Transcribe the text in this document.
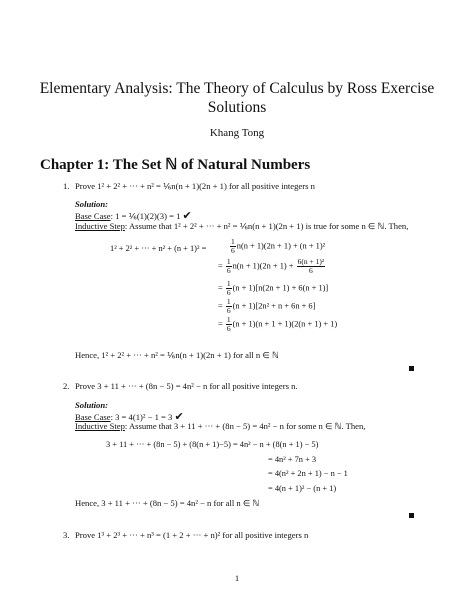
Elementary Analysis: The Theory of Calculus by Ross Exercise
Solutions
Khang Tong
Chapter 1: The Set ℕ of Natural Numbers
1. Prove 1² + 2² + ··· + n² = ⅙n(n + 1)(2n + 1) for all positive integers n
Solution:
Base Case: 1 = ⅙(1)(2)(3) = 1 ✔
Inductive Step: Assume that 1² + 2² + ··· + n² = ⅙n(n + 1)(2n + 1) is true for some n ∈ ℕ. Then,
1² + 2² + ··· + n² + (n + 1)² =	$\frac{1}{6} n(n + 1)(2n + 1) + (n + 1)^2$
= $\frac{1}{6} n(n + 1)(2n + 1) + \frac{\text{6(n + 1)²}}{6}$
= $\frac{1}{6} (n + 1)[n(2n + 1) + 6(n + 1)]$
= $\frac{1}{6} (n + 1)[2n^2 + n + 6n + 6]$
= $\frac{1}{6} (n + 1)(n + 1 + 1)(2(n + 1) + 1)$
Hence, 1² + 2² + ··· + n² = ⅙n(n + 1)(2n + 1) for all n ∈ ℕ
2. Prove 3 + 11 + ··· + (8n − 5) = 4n² − n for all positive integers n.
Solution:
Base Case: 3 = 4(1)² − 1 = 3 ✔
Inductive Step: Assume that 3 + 11 + ··· + (8n − 5) = 4n² − n for some n ∈ ℕ. Then,
3 + 11 + ··· + (8n − 5) + (8(n + 1)−5) = 4n² − n + (8(n + 1) − 5)
= 4n² + 7n + 3
= 4(n² + 2n + 1) − n − 1
= 4(n + 1)² − (n + 1)
Hence, 3 + 11 + ··· + (8n − 5) = 4n² − n for all n ∈ ℕ
3. Prove 1³ + 2³ + ··· + n³ = (1 + 2 + ··· + n)² for all positive integers n
1
